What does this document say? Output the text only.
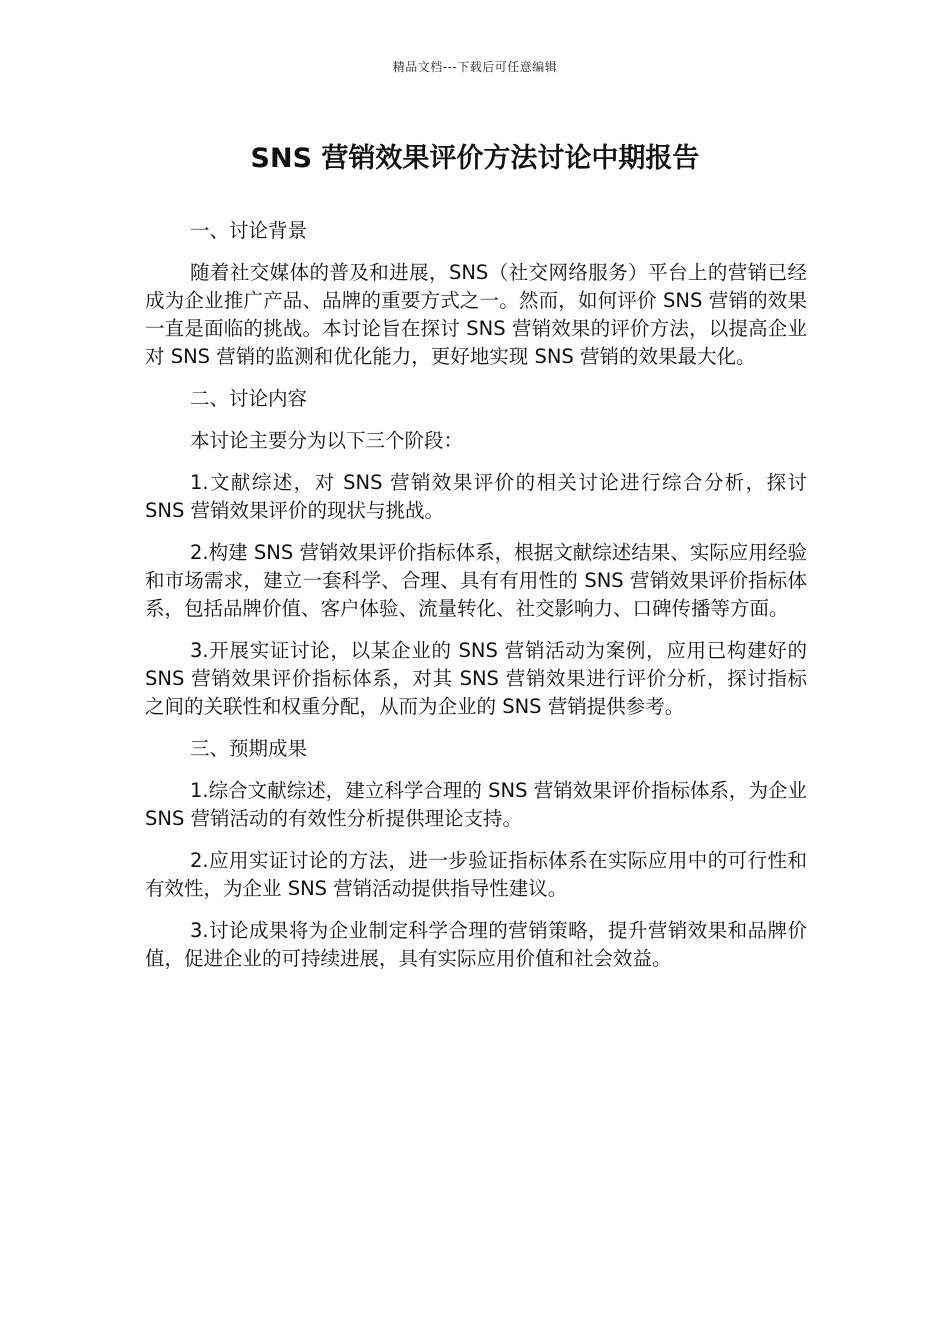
精品文档---下载后可任意编辑
SNS 营销效果评价方法讨论中期报告

一、讨论背景

随着社交媒体的普及和进展，SNS（社交网络服务）平台上的营销已经成为企业推广产品、品牌的重要方式之一。然而，如何评价 SNS 营销的效果一直是面临的挑战。本讨论旨在探讨 SNS 营销效果的评价方法，以提高企业对 SNS 营销的监测和优化能力，更好地实现 SNS 营销的效果最大化。

二、讨论内容

本讨论主要分为以下三个阶段：

1.文献综述，对 SNS 营销效果评价的相关讨论进行综合分析，探讨 SNS 营销效果评价的现状与挑战。

2.构建 SNS 营销效果评价指标体系，根据文献综述结果、实际应用经验和市场需求，建立一套科学、合理、具有有用性的 SNS 营销效果评价指标体系，包括品牌价值、客户体验、流量转化、社交影响力、口碑传播等方面。

3.开展实证讨论，以某企业的 SNS 营销活动为案例，应用已构建好的 SNS 营销效果评价指标体系，对其 SNS 营销效果进行评价分析，探讨指标之间的关联性和权重分配，从而为企业的 SNS 营销提供参考。

三、预期成果

1.综合文献综述，建立科学合理的 SNS 营销效果评价指标体系，为企业 SNS 营销活动的有效性分析提供理论支持。

2.应用实证讨论的方法，进一步验证指标体系在实际应用中的可行性和有效性，为企业 SNS 营销活动提供指导性建议。

3.讨论成果将为企业制定科学合理的营销策略，提升营销效果和品牌价值，促进企业的可持续进展，具有实际应用价值和社会效益。
